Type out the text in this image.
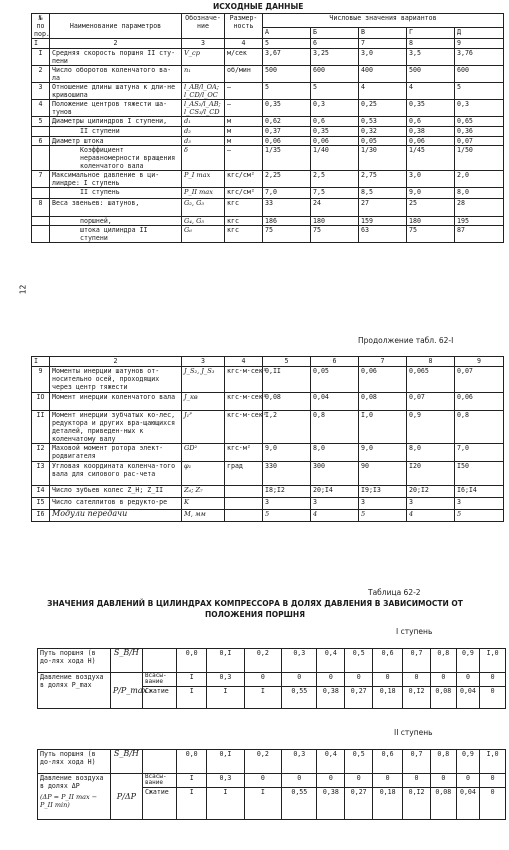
ИСХОДНЫЕ ДАННЫЕ
12
№ по пор.	Наименование параметров	Обозначе-ние	Размер-ность	Числовые значения вариантов				
				А	Б	В	Г	Д
I	2	3	4	5	6	7	8	9
I	Средняя скорость поршня II сту-пени	V_ср	м/сек	3,67	3,25	3,0	3,5	3,76
2	Число оборотов коленчатого ва-ла	n₁	об/мин	500	600	400	500	600
3	Отношение длины шатуна к дли-не кривошипа	l_AB/l_OA; l_CD/l_OC	—	5	5	4	4	5
4	Положение центров тяжести ша-тунов	l_AS₂/l_AB; l_CS₃/l_CD	—	0,35	0,3	0,25	0,35	0,3
5	Диаметры цилиндров I ступени,	d₁	м	0,62	0,6	0,53	0,6	0,65
	II ступени	d₂	м	0,37	0,35	0,32	0,38	0,36
6	Диаметр штока	d₃	м	0,06	0,06	0,05	0,06	0,07
	Коэффициент неравномерности вращения коленчатого вала	δ	—	1/35	1/40	1/30	1/45	1/50
7	Максимальное давление в ци-линдре: I ступень	P_I max	кгс/см²	2,25	2,5	2,75	3,0	2,0
	II ступень	P_II max	кгс/см²	7,0	7,5	8,5	9,0	8,0
8	Веса звеньев: шатунов,	G₂, G₃	кгс	33	24	27	25	28
	поршней,	G₄, G₅	кгс	186	180	159	180	195
	штока цилиндра II ступени	G₆	кгс	75	75	63	75	87
Продолжение табл. 62-I
I	2	3	4	5	6	7	8	9
9	Моменты инерции шатунов от-носительно осей, проходящих через центр тяжести	J_S₂, J_S₃	кгс·м·сек²	0,II	0,05	0,06	0,065	0,07
IO	Момент инерции коленчатого вала	J_кв	кгс·м·сек²	0,08	0,04	0,08	0,07	0,06
II	Момент инерции зубчатых ко-лес, редуктора и других вра-щающихся деталей, приведен-ных к коленчатому валу	J₁ᴾ	кгс·м·сек²	I,2	0,8	I,0	0,9	0,8
I2	Маховой момент ротора элект-родвигателя	GD²	кгс·м²	9,0	8,0	9,0	8,0	7,0
I3	Угловая координата коленча-того вала для силового рас-чета	φ₁	град	330	300	90	I20	I50
I4	Число зубьев колес Z_H; Z_II	Z₆; Z₇		I8;I2	20;I4	I9;I3	20;I2	I6;I4
I5	Число сателлитов в редукто-ре	K		3	3	3	3	3
I6	Модули передачи	M, мм		5	4	5	4	5
Таблица 62-2
ЗНАЧЕНИЯ ДАВЛЕНИЙ В ЦИЛИНДРАХ КОМПРЕССОРА В ДОЛЯХ ДАВЛЕНИЯ В ЗАВИСИМОСТИ ОТ ПОЛОЖЕНИЯ ПОРШНЯ
I ступень
Путь поршня (в до-лях хода H)	S_B/H		0,0	0,I	0,2	0,3	0,4	0,5	0,6	0,7	0,8	0,9	I,0
Давление воздуха в долях P_max	P/P_max	Всасы-вание	I	0,3	0	0	0	0	0	0	0	0	0
		Сжатие	I	I	I	0,55	0,38	0,27	0,18	0,I2	0,08	0,04	0
II ступень
Путь поршня (в до-лях хода H)	S_B/H		0,0	0,I	0,2	0,3	0,4	0,5	0,6	0,7	0,8	0,9	I,0

Давление воздуха в долях ΔP
(ΔP = P_II max − P_II min)	P/ΔP	Всасы-вание	I	0,3	0	0	0	0	0	0	0	0	0
		Сжатие	I	I	I	0,55	0,38	0,27	0,18	0,I2	0,08	0,04	0
